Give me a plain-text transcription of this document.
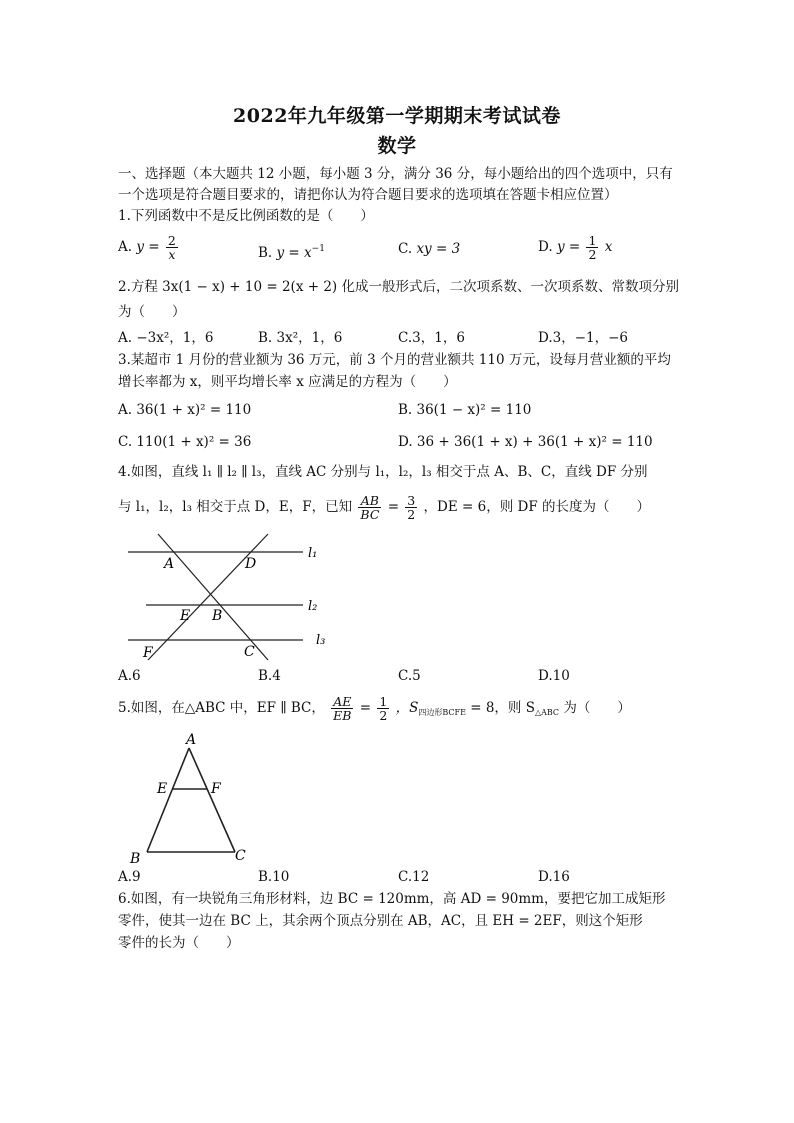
2022年九年级第一学期期末考试试卷
数学
一、选择题（本大题共 12 小题，每小题 3 分，满分 36 分，每小题给出的四个选项中，只有
一个选项是符合题目要求的，请把你认为符合题目要求的选项填在答题卡相应位置）
1.下列函数中不是反比例函数的是（　　）
A. $y = \frac{2}{x}$	B. $y = x^{-1}$	C. xy = 3	D. $y = \frac{1}{2}$ x
2.方程 3x(1 − x) + 10 = 2(x + 2) 化成一般形式后，二次项系数、一次项系数、常数项分别
为（　　）
A. −3x²，1，6	B. 3x²，1，6	C.3，1，6	D.3，−1，−6
3.某超市 1 月份的营业额为 36 万元，前 3 个月的营业额共 110 万元，设每月营业额的平均
增长率都为 x，则平均增长率 x 应满足的方程为（　　）
A. 36(1 + x)² = 110	B. 36(1 − x)² = 110
C. 110(1 + x)² = 36	D. 36 + 36(1 + x) + 36(1 + x)² = 110
4.如图，直线 l₁ ∥ l₂ ∥ l₃，直线 AC 分别与 l₁，l₂，l₃ 相交于点 A、B、C，直线 DF 分别
与 l₁，l₂，l₃ 相交于点 D，E，F，已知 $\frac{AB}{BC} = \frac{3}{2}$ ，DE = 6，则 DF 的长度为（　　）
A	D
E B
F	C
l₁
l₂
l₃
A.6	B.4	C.5	D.10
5.如图，在△ABC 中，EF ∥ BC， $\frac{AE}{EB} = \frac{1}{2}$ ，$S_{四边形BCFE} = 8$，则 $S_{\triangle ABC}$ 为（　　）
A
E	F
B	C
A.9	B.10	C.12	D.16
6.如图，有一块锐角三角形材料，边 BC = 120mm，高 AD = 90mm，要把它加工成矩形
零件，使其一边在 BC 上，其余两个顶点分别在 AB，AC，且 EH = 2EF，则这个矩形
零件的长为（　　）
